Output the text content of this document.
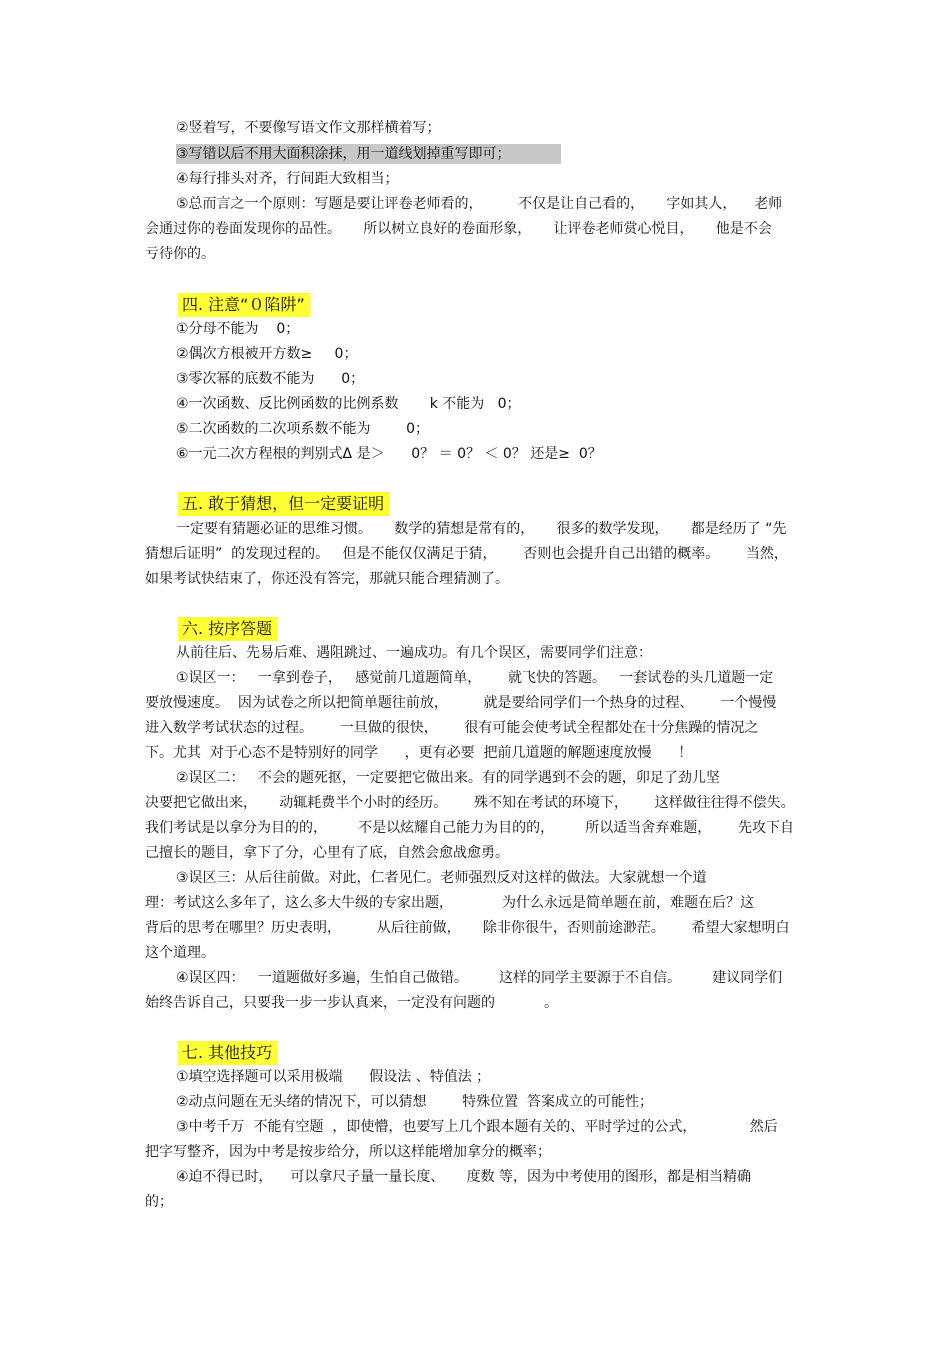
②竖着写，不要像写语文作文那样横着写；
③写错以后不用大面积涂抹，用一道线划掉重写即可；
④每行排头对齐，行间距大致相当；
⑤总而言之一个原则：写题是要让评卷老师看的，        不仅是让自己看的，     字如其人，    老师
会通过你的卷面发现你的品性。     所以树立良好的卷面形象，     让评卷老师赏心悦目，     他是不会
亏待你的。
四. 注意“０陷阱”
①分母不能为    0；
②偶次方根被开方数≥     0；
③零次幂的底数不能为      0；
④一次函数、反比例函数的比例系数       k 不能为   0；
⑤二次函数的二次项系数不能为        0；
⑥一元二次方程根的判别式Δ 是＞      0？ ＝ 0？ ＜ 0？ 还是≥  0？
五. 敢于猜想，但一定要证明
一定要有猜题必证的思维习惯。     数学的猜想是常有的，     很多的数学发现，     都是经历了 “先
猜想后证明”  的发现过程的。   但是不能仅仅满足于猜，      否则也会提升自己出错的概率。      当然，
如果考试快结束了，你还没有答完，那就只能合理猜测了。
六. 按序答题
从前往后、先易后难、遇阻跳过、一遍成功。有几个误区，需要同学们注意：
①误区一：   一拿到卷子，   感觉前几道题简单，      就飞快的答题。   一套试卷的头几道题一定
要放慢速度。  因为试卷之所以把简单题往前放，        就是要给同学们一个热身的过程、      一个慢慢
进入数学考试状态的过程。      一旦做的很快，      很有可能会使考试全程都处在十分焦躁的情况之
下。尤其  对于心态不是特别好的同学      ，更有必要  把前几道题的解题速度放慢      ！
②误区二：   不会的题死抠，一定要把它做出来。有的同学遇到不会的题，卯足了劲儿坚
决要把它做出来，     动辄耗费半个小时的经历。      殊不知在考试的环境下，      这样做往往得不偿失。
我们考试是以拿分为目的的，       不是以炫耀自己能力为目的的，       所以适当舍弃难题，      先攻下自
己擅长的题目，拿下了分，心里有了底，自然会愈战愈勇。
③误区三：从后往前做。对此，仁者见仁。老师强烈反对这样的做法。大家就想一个道
理：考试这么多年了，这么多大牛级的专家出题，           为什么永远是简单题在前，难题在后？这
背后的思考在哪里？历史表明，        从后往前做，     除非你很牛，否则前途渺茫。      希望大家想明白
这个道理。
④误区四：   一道题做好多遍，生怕自己做错。       这样的同学主要源于不自信。       建议同学们
始终告诉自己，只要我一步一步认真来，一定没有问题的           。
七. 其他技巧
①填空选择题可以采用极端      假设法 、特值法 ；
②动点问题在无头绪的情况下，可以猜想        特殊位置  答案成立的可能性；
③中考千万  不能有空题  ，即使懵，也要写上几个跟本题有关的、平时学过的公式，            然后
把字写整齐，因为中考是按步给分，所以这样能增加拿分的概率；
④迫不得已时，    可以拿尺子量一量长度、     度数 等，因为中考使用的图形，都是相当精确
的；
